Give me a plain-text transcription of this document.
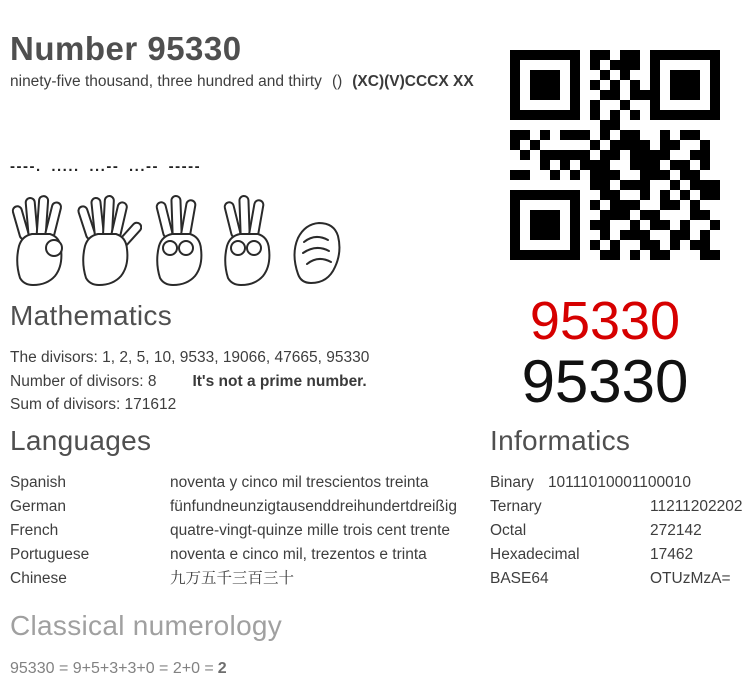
Number 95330
ninety-five thousand, three hundred and thirty () (XC)(V)CCCX XX
----. ..... ...-- ...-- -----
Mathematics
The divisors: 1, 2, 5, 10, 9533, 19066, 47665, 95330
Number of divisors: 8 It's not a prime number.
Sum of divisors: 171612
95330
95330
Languages
Spanish	noventa y cinco mil trescientos treinta
German	fünfundneunzigtausenddreihundertdreißig
French	quatre-vingt-quinze mille trois cent trente
Portuguese	noventa e cinco mil, trezentos e trinta
Chinese	九万五千三百三十
Informatics
Binary 10111010001100010
Ternary	11211202202
Octal	272142
Hexadecimal	17462
BASE64	OTUzMzA=
Classical numerology
95330 = 9+5+3+3+0 = 2+0 = 2
